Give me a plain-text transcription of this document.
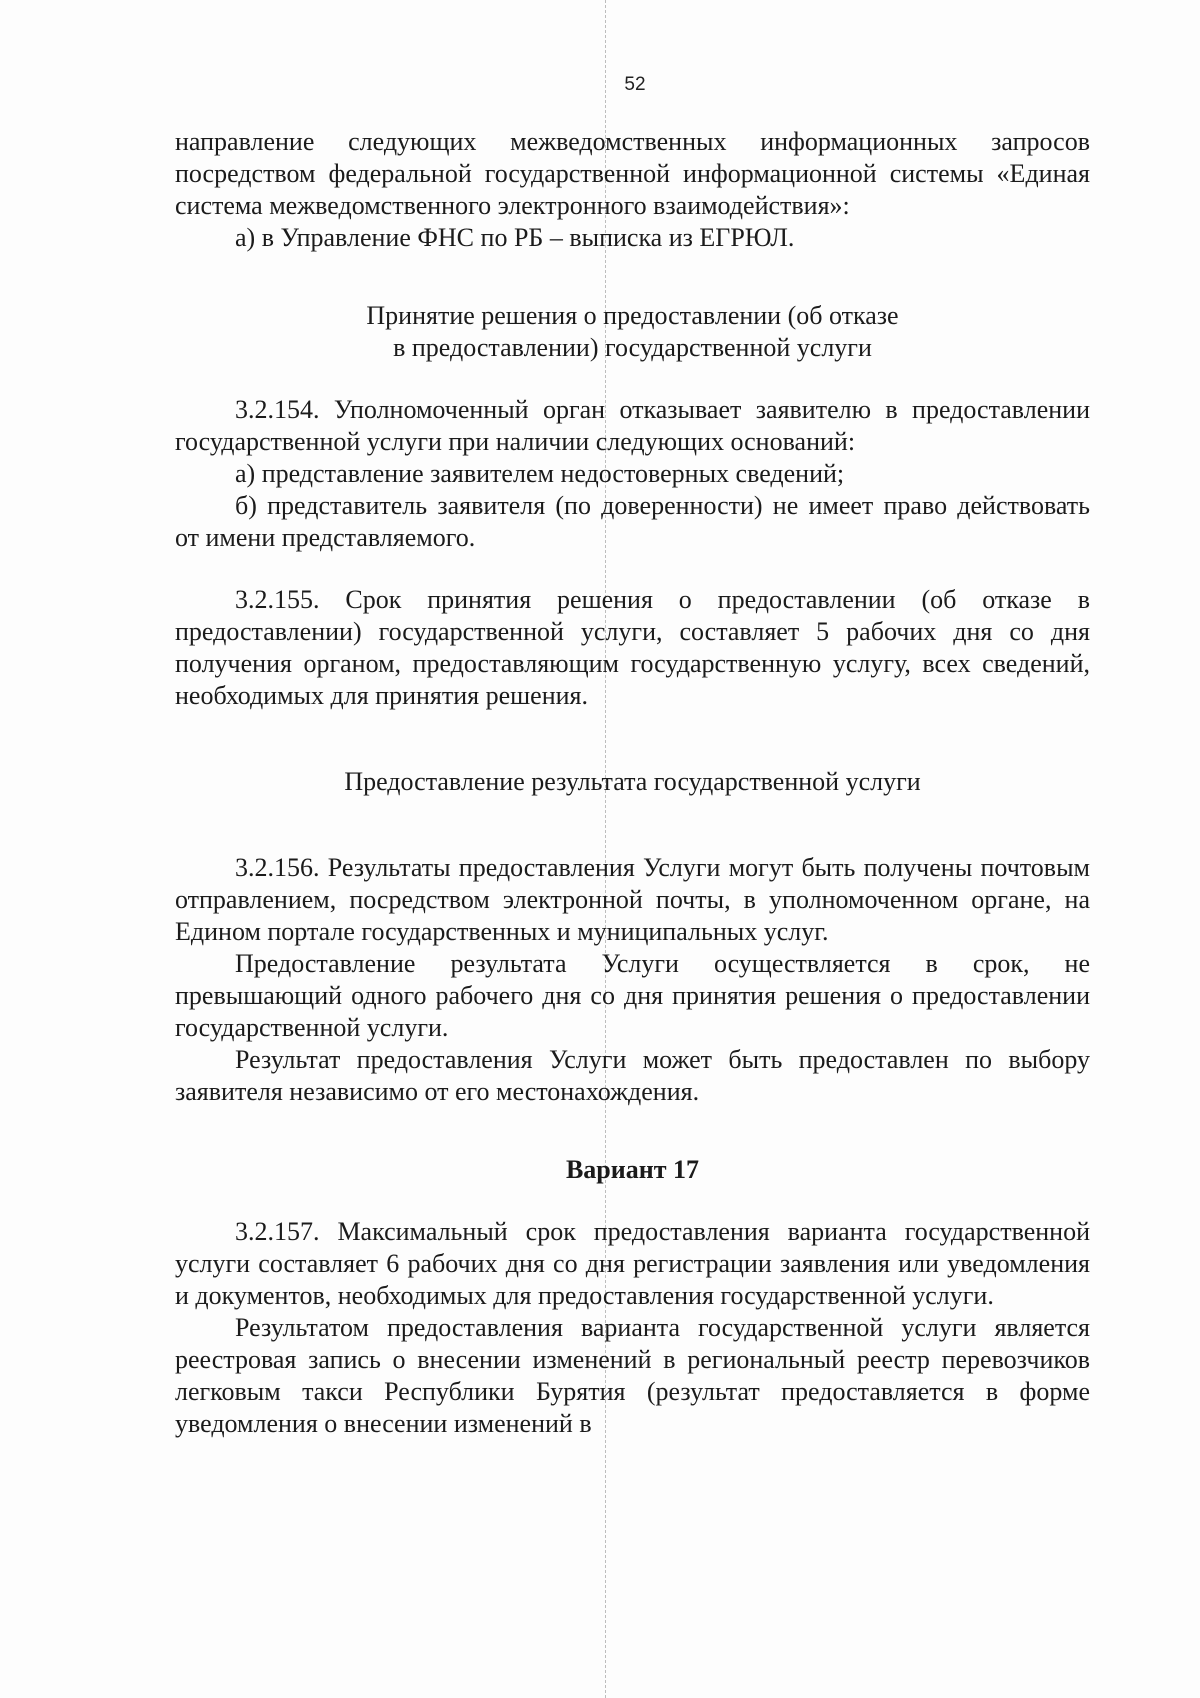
52

направление следующих межведомственных информационных запросов посредством федеральной государственной информационной системы «Единая система межведомственного электронного взаимодействия»:

а) в Управление ФНС по РБ – выписка из ЕГРЮЛ.

Принятие решения о предоставлении (об отказе
в предоставлении) государственной услуги

3.2.154. Уполномоченный орган отказывает заявителю в предоставлении государственной услуги при наличии следующих оснований:

а) представление заявителем недостоверных сведений;

б) представитель заявителя (по доверенности) не имеет право действовать от имени представляемого.

3.2.155. Срок принятия решения о предоставлении (об отказе в предоставлении) государственной услуги, составляет 5 рабочих дня со дня получения органом, предоставляющим государственную услугу, всех сведений, необходимых для принятия решения.

Предоставление результата государственной услуги

3.2.156. Результаты предоставления Услуги могут быть получены почтовым отправлением, посредством электронной почты, в уполномоченном органе, на Едином портале государственных и муниципальных услуг.

Предоставление результата Услуги осуществляется в срок, не превышающий одного рабочего дня со дня принятия решения о предоставлении государственной услуги.

Результат предоставления Услуги может быть предоставлен по выбору заявителя независимо от его местонахождения.

Вариант 17

3.2.157. Максимальный срок предоставления варианта государственной услуги составляет 6 рабочих дня со дня регистрации заявления или уведомления и документов, необходимых для предоставления государственной услуги.

Результатом предоставления варианта государственной услуги является реестровая запись о внесении изменений в региональный реестр перевозчиков легковым такси Республики Бурятия (результат предоставляется в форме уведомления о внесении изменений в
